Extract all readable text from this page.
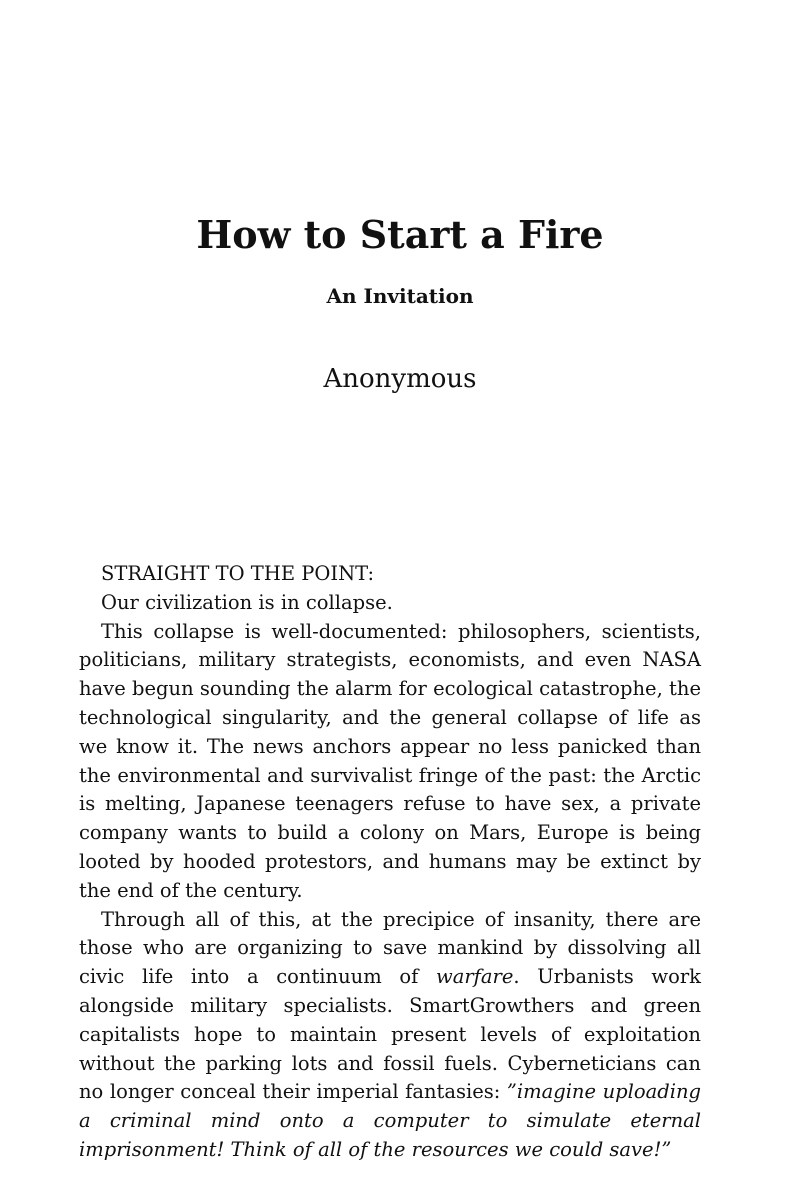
How to Start a Fire
An Invitation
Anonymous

STRAIGHT TO THE POINT:

Our civilization is in collapse.

This collapse is well-documented: philosophers, scientists, politicians, military strategists, economists, and even NASA have begun sounding the alarm for ecological catastrophe, the technological singularity, and the general collapse of life as we know it. The news anchors appear no less panicked than the environmental and survivalist fringe of the past: the Arctic is melting, Japanese teenagers refuse to have sex, a private company wants to build a colony on Mars, Europe is being looted by hooded protestors, and humans may be extinct by the end of the century.

Through all of this, at the precipice of insanity, there are those who are organizing to save mankind by dissolving all civic life into a continuum of warfare. Urbanists work alongside military specialists. SmartGrowthers and green capitalists hope to maintain present levels of exploitation without the parking lots and fossil fuels. Cyberneticians can no longer conceal their imperial fantasies: ”imagine uploading a criminal mind onto a computer to simulate eternal imprisonment! Think of all of the resources we could save!”
